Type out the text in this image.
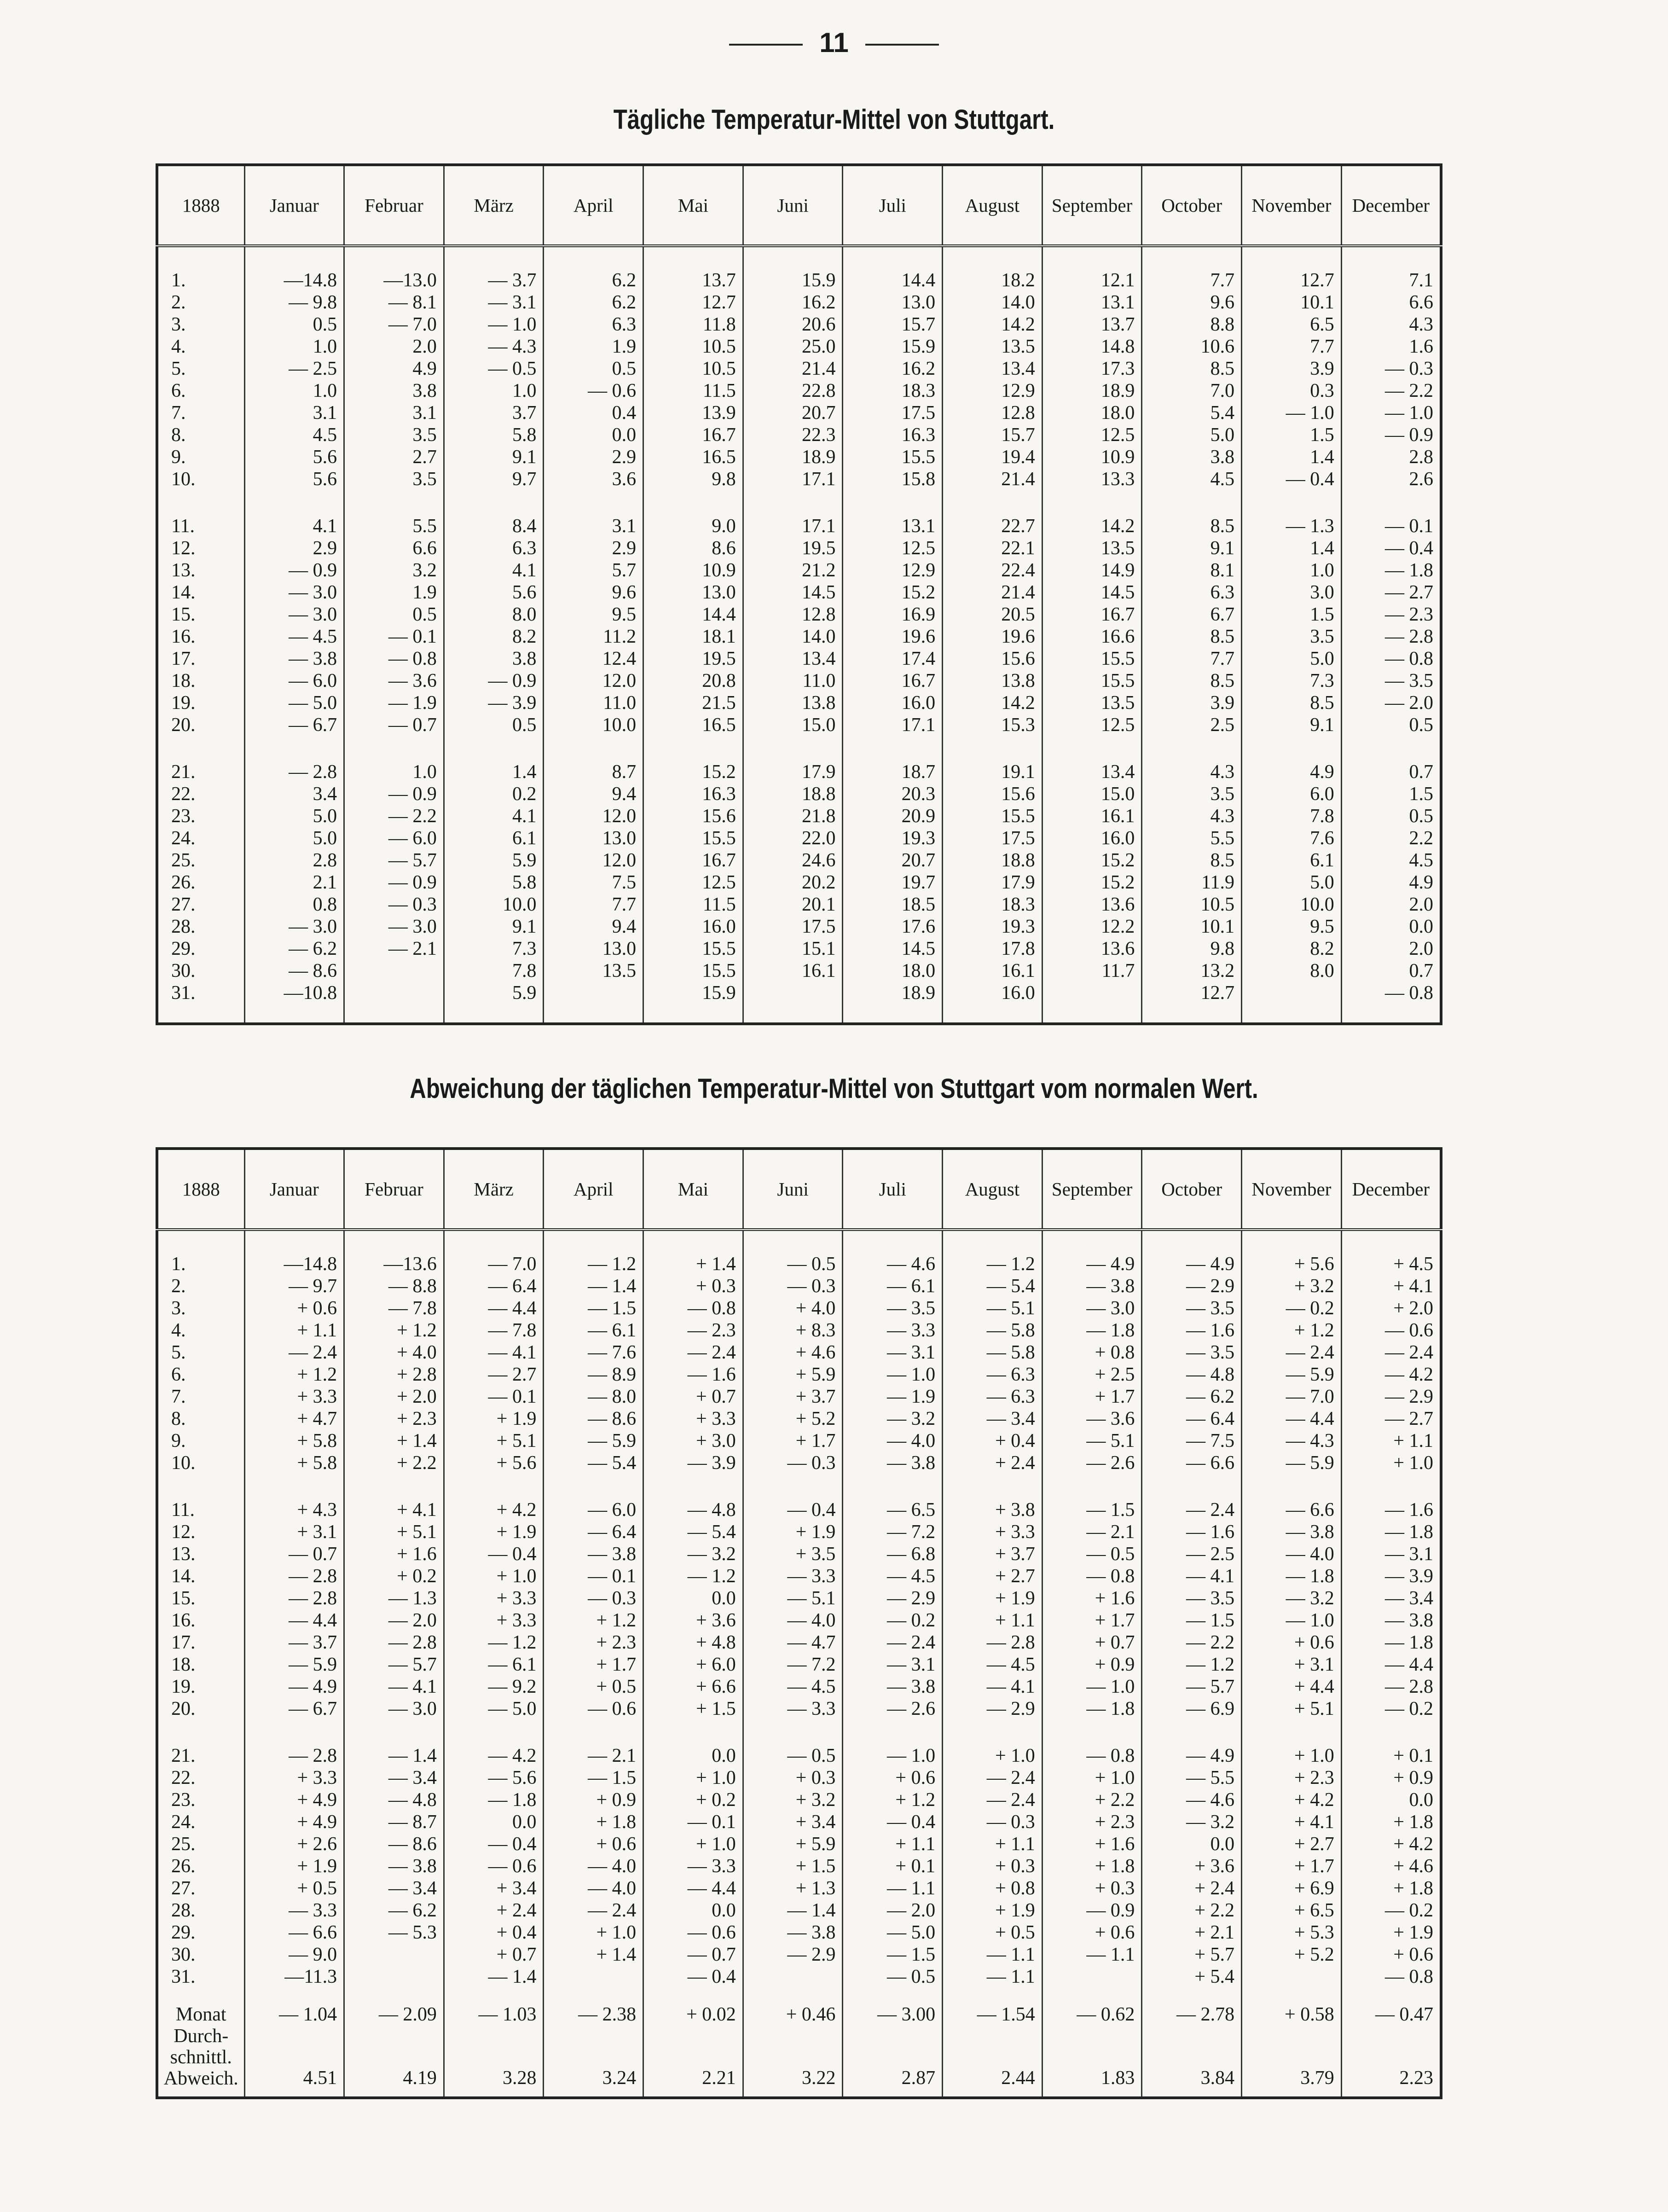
11
Tägliche Temperatur-Mittel von Stuttgart.
1888	Januar	Februar	März	April	Mai	Juni	Juli	August	September	October	November	December
1.	—14.8	—13.0	— 3.7	6.2	13.7	15.9	14.4	18.2	12.1	7.7	12.7	7.1
2.	— 9.8	— 8.1	— 3.1	6.2	12.7	16.2	13.0	14.0	13.1	9.6	10.1	6.6
3.	0.5	— 7.0	— 1.0	6.3	11.8	20.6	15.7	14.2	13.7	8.8	6.5	4.3
4.	1.0	2.0	— 4.3	1.9	10.5	25.0	15.9	13.5	14.8	10.6	7.7	1.6
5.	— 2.5	4.9	— 0.5	0.5	10.5	21.4	16.2	13.4	17.3	8.5	3.9	— 0.3
6.	1.0	3.8	1.0	— 0.6	11.5	22.8	18.3	12.9	18.9	7.0	0.3	— 2.2
7.	3.1	3.1	3.7	0.4	13.9	20.7	17.5	12.8	18.0	5.4	— 1.0	— 1.0
8.	4.5	3.5	5.8	0.0	16.7	22.3	16.3	15.7	12.5	5.0	1.5	— 0.9
9.	5.6	2.7	9.1	2.9	16.5	18.9	15.5	19.4	10.9	3.8	1.4	2.8
10.	5.6	3.5	9.7	3.6	9.8	17.1	15.8	21.4	13.3	4.5	— 0.4	2.6
11.	4.1	5.5	8.4	3.1	9.0	17.1	13.1	22.7	14.2	8.5	— 1.3	— 0.1
12.	2.9	6.6	6.3	2.9	8.6	19.5	12.5	22.1	13.5	9.1	1.4	— 0.4
13.	— 0.9	3.2	4.1	5.7	10.9	21.2	12.9	22.4	14.9	8.1	1.0	— 1.8
14.	— 3.0	1.9	5.6	9.6	13.0	14.5	15.2	21.4	14.5	6.3	3.0	— 2.7
15.	— 3.0	0.5	8.0	9.5	14.4	12.8	16.9	20.5	16.7	6.7	1.5	— 2.3
16.	— 4.5	— 0.1	8.2	11.2	18.1	14.0	19.6	19.6	16.6	8.5	3.5	— 2.8
17.	— 3.8	— 0.8	3.8	12.4	19.5	13.4	17.4	15.6	15.5	7.7	5.0	— 0.8
18.	— 6.0	— 3.6	— 0.9	12.0	20.8	11.0	16.7	13.8	15.5	8.5	7.3	— 3.5
19.	— 5.0	— 1.9	— 3.9	11.0	21.5	13.8	16.0	14.2	13.5	3.9	8.5	— 2.0
20.	— 6.7	— 0.7	0.5	10.0	16.5	15.0	17.1	15.3	12.5	2.5	9.1	0.5
21.	— 2.8	1.0	1.4	8.7	15.2	17.9	18.7	19.1	13.4	4.3	4.9	0.7
22.	3.4	— 0.9	0.2	9.4	16.3	18.8	20.3	15.6	15.0	3.5	6.0	1.5
23.	5.0	— 2.2	4.1	12.0	15.6	21.8	20.9	15.5	16.1	4.3	7.8	0.5
24.	5.0	— 6.0	6.1	13.0	15.5	22.0	19.3	17.5	16.0	5.5	7.6	2.2
25.	2.8	— 5.7	5.9	12.0	16.7	24.6	20.7	18.8	15.2	8.5	6.1	4.5
26.	2.1	— 0.9	5.8	7.5	12.5	20.2	19.7	17.9	15.2	11.9	5.0	4.9
27.	0.8	— 0.3	10.0	7.7	11.5	20.1	18.5	18.3	13.6	10.5	10.0	2.0
28.	— 3.0	— 3.0	9.1	9.4	16.0	17.5	17.6	19.3	12.2	10.1	9.5	0.0
29.	— 6.2	— 2.1	7.3	13.0	15.5	15.1	14.5	17.8	13.6	9.8	8.2	2.0
30.	— 8.6		7.8	13.5	15.5	16.1	18.0	16.1	11.7	13.2	8.0	0.7
31.	—10.8		5.9		15.9		18.9	16.0		12.7		— 0.8
Abweichung der täglichen Temperatur-Mittel von Stuttgart vom normalen Wert.
1888	Januar	Februar	März	April	Mai	Juni	Juli	August	September	October	November	December
1.	—14.8	—13.6	— 7.0	— 1.2	+ 1.4	— 0.5	— 4.6	— 1.2	— 4.9	— 4.9	+ 5.6	+ 4.5
2.	— 9.7	— 8.8	— 6.4	— 1.4	+ 0.3	— 0.3	— 6.1	— 5.4	— 3.8	— 2.9	+ 3.2	+ 4.1
3.	+ 0.6	— 7.8	— 4.4	— 1.5	— 0.8	+ 4.0	— 3.5	— 5.1	— 3.0	— 3.5	— 0.2	+ 2.0
4.	+ 1.1	+ 1.2	— 7.8	— 6.1	— 2.3	+ 8.3	— 3.3	— 5.8	— 1.8	— 1.6	+ 1.2	— 0.6
5.	— 2.4	+ 4.0	— 4.1	— 7.6	— 2.4	+ 4.6	— 3.1	— 5.8	+ 0.8	— 3.5	— 2.4	— 2.4
6.	+ 1.2	+ 2.8	— 2.7	— 8.9	— 1.6	+ 5.9	— 1.0	— 6.3	+ 2.5	— 4.8	— 5.9	— 4.2
7.	+ 3.3	+ 2.0	— 0.1	— 8.0	+ 0.7	+ 3.7	— 1.9	— 6.3	+ 1.7	— 6.2	— 7.0	— 2.9
8.	+ 4.7	+ 2.3	+ 1.9	— 8.6	+ 3.3	+ 5.2	— 3.2	— 3.4	— 3.6	— 6.4	— 4.4	— 2.7
9.	+ 5.8	+ 1.4	+ 5.1	— 5.9	+ 3.0	+ 1.7	— 4.0	+ 0.4	— 5.1	— 7.5	— 4.3	+ 1.1
10.	+ 5.8	+ 2.2	+ 5.6	— 5.4	— 3.9	— 0.3	— 3.8	+ 2.4	— 2.6	— 6.6	— 5.9	+ 1.0
11.	+ 4.3	+ 4.1	+ 4.2	— 6.0	— 4.8	— 0.4	— 6.5	+ 3.8	— 1.5	— 2.4	— 6.6	— 1.6
12.	+ 3.1	+ 5.1	+ 1.9	— 6.4	— 5.4	+ 1.9	— 7.2	+ 3.3	— 2.1	— 1.6	— 3.8	— 1.8
13.	— 0.7	+ 1.6	— 0.4	— 3.8	— 3.2	+ 3.5	— 6.8	+ 3.7	— 0.5	— 2.5	— 4.0	— 3.1
14.	— 2.8	+ 0.2	+ 1.0	— 0.1	— 1.2	— 3.3	— 4.5	+ 2.7	— 0.8	— 4.1	— 1.8	— 3.9
15.	— 2.8	— 1.3	+ 3.3	— 0.3	0.0	— 5.1	— 2.9	+ 1.9	+ 1.6	— 3.5	— 3.2	— 3.4
16.	— 4.4	— 2.0	+ 3.3	+ 1.2	+ 3.6	— 4.0	— 0.2	+ 1.1	+ 1.7	— 1.5	— 1.0	— 3.8
17.	— 3.7	— 2.8	— 1.2	+ 2.3	+ 4.8	— 4.7	— 2.4	— 2.8	+ 0.7	— 2.2	+ 0.6	— 1.8
18.	— 5.9	— 5.7	— 6.1	+ 1.7	+ 6.0	— 7.2	— 3.1	— 4.5	+ 0.9	— 1.2	+ 3.1	— 4.4
19.	— 4.9	— 4.1	— 9.2	+ 0.5	+ 6.6	— 4.5	— 3.8	— 4.1	— 1.0	— 5.7	+ 4.4	— 2.8
20.	— 6.7	— 3.0	— 5.0	— 0.6	+ 1.5	— 3.3	— 2.6	— 2.9	— 1.8	— 6.9	+ 5.1	— 0.2
21.	— 2.8	— 1.4	— 4.2	— 2.1	0.0	— 0.5	— 1.0	+ 1.0	— 0.8	— 4.9	+ 1.0	+ 0.1
22.	+ 3.3	— 3.4	— 5.6	— 1.5	+ 1.0	+ 0.3	+ 0.6	— 2.4	+ 1.0	— 5.5	+ 2.3	+ 0.9
23.	+ 4.9	— 4.8	— 1.8	+ 0.9	+ 0.2	+ 3.2	+ 1.2	— 2.4	+ 2.2	— 4.6	+ 4.2	0.0
24.	+ 4.9	— 8.7	0.0	+ 1.8	— 0.1	+ 3.4	— 0.4	— 0.3	+ 2.3	— 3.2	+ 4.1	+ 1.8
25.	+ 2.6	— 8.6	— 0.4	+ 0.6	+ 1.0	+ 5.9	+ 1.1	+ 1.1	+ 1.6	0.0	+ 2.7	+ 4.2
26.	+ 1.9	— 3.8	— 0.6	— 4.0	— 3.3	+ 1.5	+ 0.1	+ 0.3	+ 1.8	+ 3.6	+ 1.7	+ 4.6
27.	+ 0.5	— 3.4	+ 3.4	— 4.0	— 4.4	+ 1.3	— 1.1	+ 0.8	+ 0.3	+ 2.4	+ 6.9	+ 1.8
28.	— 3.3	— 6.2	+ 2.4	— 2.4	0.0	— 1.4	— 2.0	+ 1.9	— 0.9	+ 2.2	+ 6.5	— 0.2
29.	— 6.6	— 5.3	+ 0.4	+ 1.0	— 0.6	— 3.8	— 5.0	+ 0.5	+ 0.6	+ 2.1	+ 5.3	+ 1.9
30.	— 9.0		+ 0.7	+ 1.4	— 0.7	— 2.9	— 1.5	— 1.1	— 1.1	+ 5.7	+ 5.2	+ 0.6
31.	—11.3		— 1.4		— 0.4		— 0.5	— 1.1		+ 5.4		— 0.8
Monat	— 1.04	— 2.09	— 1.03	— 2.38	+ 0.02	+ 0.46	— 3.00	— 1.54	— 0.62	— 2.78	+ 0.58	— 0.47

Durch-
schnittl.
Abweich.	4.51	4.19	3.28	3.24	2.21	3.22	2.87	2.44	1.83	3.84	3.79	2.23
